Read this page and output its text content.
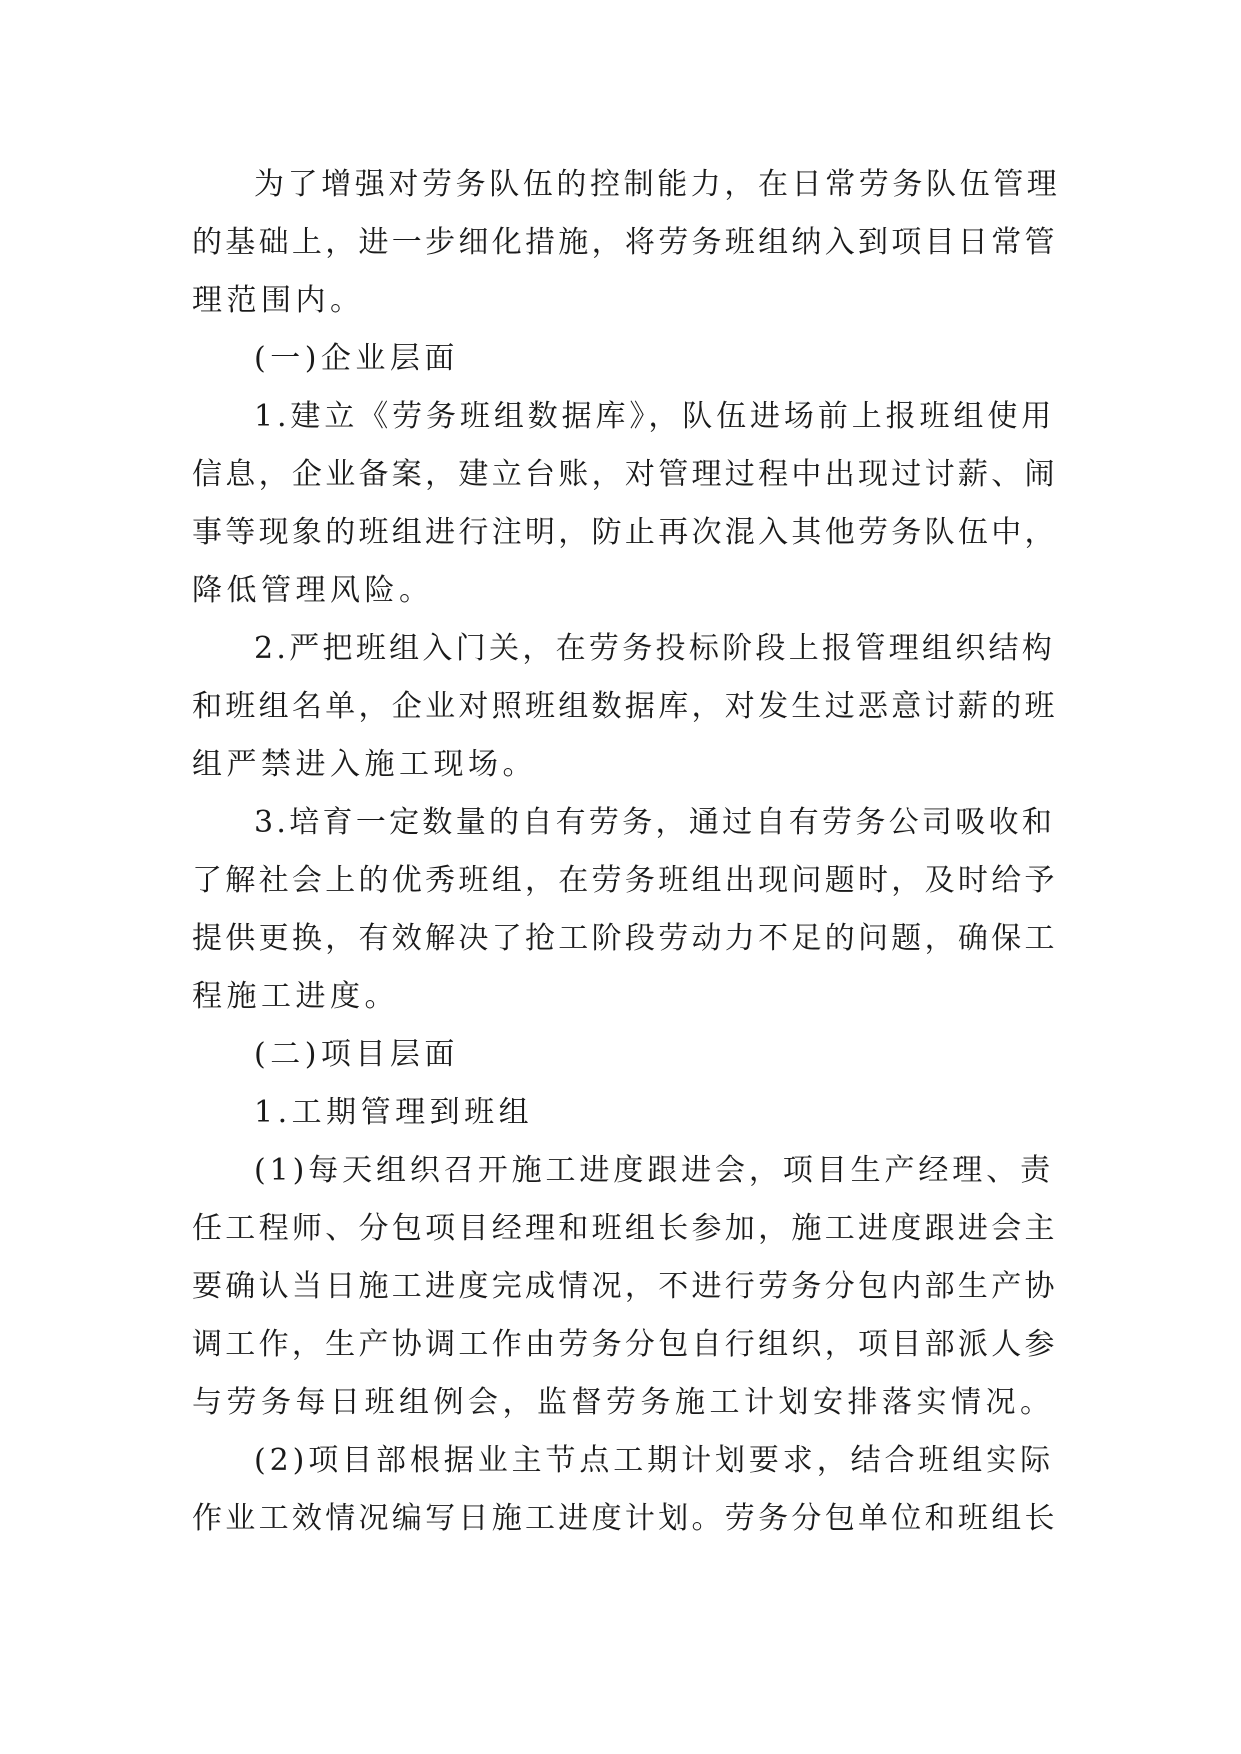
为了增强对劳务队伍的控制能力，在日常劳务队伍管理
的基础上，进一步细化措施，将劳务班组纳入到项目日常管
理范围内。
(一)企业层面
1.建立《劳务班组数据库》，队伍进场前上报班组使用
信息，企业备案，建立台账，对管理过程中出现过讨薪、闹
事等现象的班组进行注明，防止再次混入其他劳务队伍中，
降低管理风险。
2.严把班组入门关，在劳务投标阶段上报管理组织结构
和班组名单，企业对照班组数据库，对发生过恶意讨薪的班
组严禁进入施工现场。
3.培育一定数量的自有劳务，通过自有劳务公司吸收和
了解社会上的优秀班组，在劳务班组出现问题时，及时给予
提供更换，有效解决了抢工阶段劳动力不足的问题，确保工
程施工进度。
(二)项目层面
1.工期管理到班组
(1)每天组织召开施工进度跟进会，项目生产经理、责
任工程师、分包项目经理和班组长参加，施工进度跟进会主
要确认当日施工进度完成情况，不进行劳务分包内部生产协
调工作，生产协调工作由劳务分包自行组织，项目部派人参
与劳务每日班组例会，监督劳务施工计划安排落实情况。
(2)项目部根据业主节点工期计划要求，结合班组实际
作业工效情况编写日施工进度计划。劳务分包单位和班组长
